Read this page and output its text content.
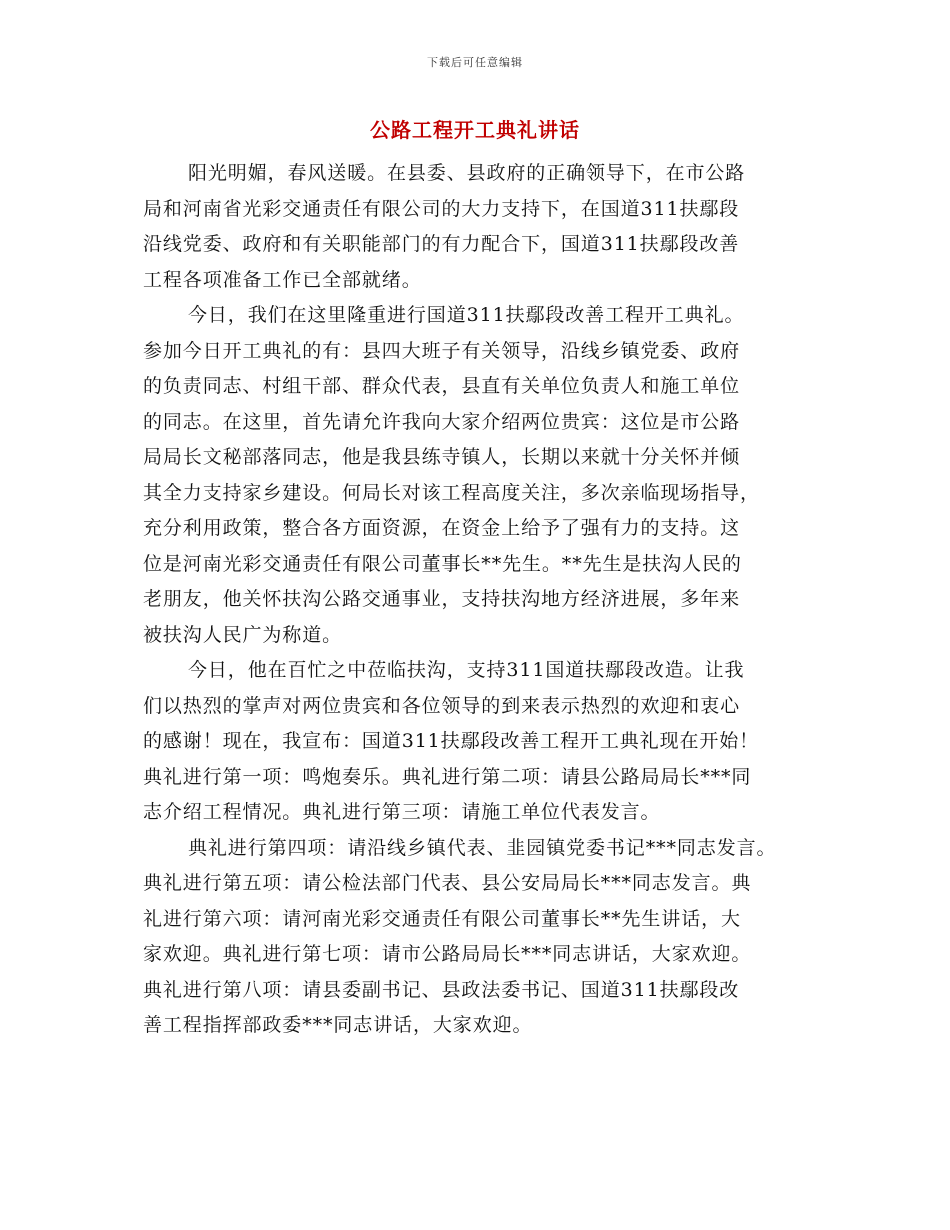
下载后可任意编辑
公路工程开工典礼讲话
阳光明媚，春风送暖。在县委、县政府的正确领导下，在市公路
局和河南省光彩交通责任有限公司的大力支持下，在国道311扶鄢段
沿线党委、政府和有关职能部门的有力配合下，国道311扶鄢段改善
工程各项准备工作已全部就绪。
今日，我们在这里隆重进行国道311扶鄢段改善工程开工典礼。
参加今日开工典礼的有：县四大班子有关领导，沿线乡镇党委、政府
的负责同志、村组干部、群众代表，县直有关单位负责人和施工单位
的同志。在这里，首先请允许我向大家介绍两位贵宾：这位是市公路
局局长文秘部落同志，他是我县练寺镇人，长期以来就十分关怀并倾
其全力支持家乡建设。何局长对该工程高度关注，多次亲临现场指导，
充分利用政策，整合各方面资源，在资金上给予了强有力的支持。这
位是河南光彩交通责任有限公司董事长**先生。**先生是扶沟人民的
老朋友，他关怀扶沟公路交通事业，支持扶沟地方经济进展，多年来
被扶沟人民广为称道。
今日，他在百忙之中莅临扶沟，支持311国道扶鄢段改造。让我
们以热烈的掌声对两位贵宾和各位领导的到来表示热烈的欢迎和衷心
的感谢！现在，我宣布：国道311扶鄢段改善工程开工典礼现在开始！
典礼进行第一项：鸣炮奏乐。典礼进行第二项：请县公路局局长***同
志介绍工程情况。典礼进行第三项：请施工单位代表发言。
典礼进行第四项：请沿线乡镇代表、韭园镇党委书记***同志发言。
典礼进行第五项：请公检法部门代表、县公安局局长***同志发言。典
礼进行第六项：请河南光彩交通责任有限公司董事长**先生讲话，大
家欢迎。典礼进行第七项：请市公路局局长***同志讲话，大家欢迎。
典礼进行第八项：请县委副书记、县政法委书记、国道311扶鄢段改
善工程指挥部政委***同志讲话，大家欢迎。
